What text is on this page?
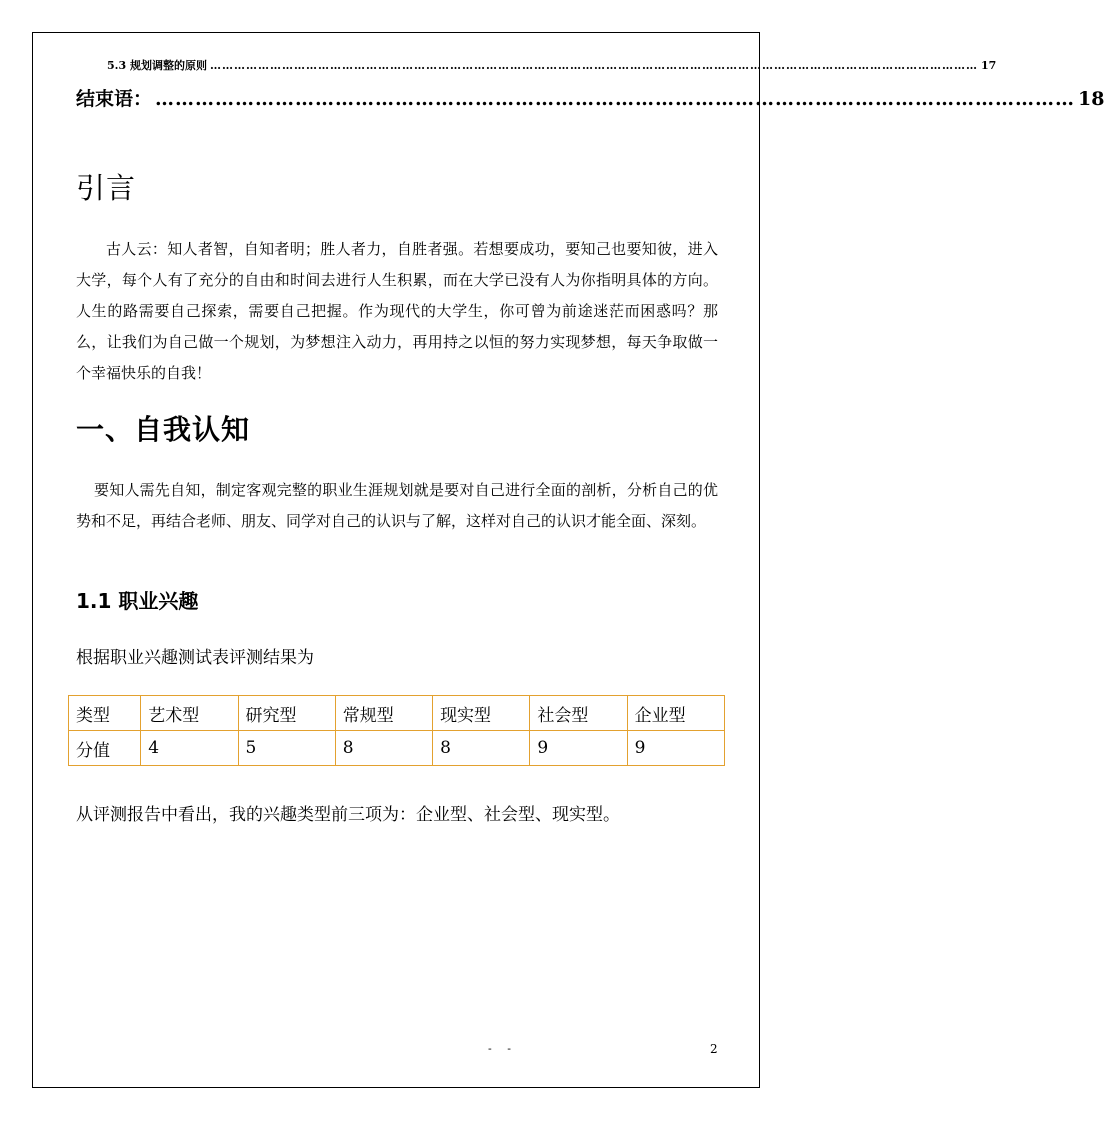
5.3 规划调整的原则 ………………………………………………………………………………………………………………………………………………………………………… 17
结束语： ………………………………………………………………………………………………………………………… 18
引言

古人云：知人者智，自知者明；胜人者力，自胜者强。若想要成功，要知己也要知彼，进入大学，每个人有了充分的自由和时间去进行人生积累，而在大学已没有人为你指明具体的方向。人生的路需要自己探索，需要自己把握。作为现代的大学生，你可曾为前途迷茫而困惑吗？那么，让我们为自己做一个规划，为梦想注入动力，再用持之以恒的努力实现梦想，每天争取做一个幸福快乐的自我！

一、自我认知

要知人需先自知，制定客观完整的职业生涯规划就是要对自己进行全面的剖析，分析自己的优势和不足，再结合老师、朋友、同学对自己的认识与了解，这样对自己的认识才能全面、深刻。

1.1 职业兴趣

根据职业兴趣测试表评测结果为

类型	艺术型	研究型	常规型	现实型	社会型	企业型
分值	4	5	8	8	9	9

从评测报告中看出，我的兴趣类型前三项为：企业型、社会型、现实型。

- -	2
